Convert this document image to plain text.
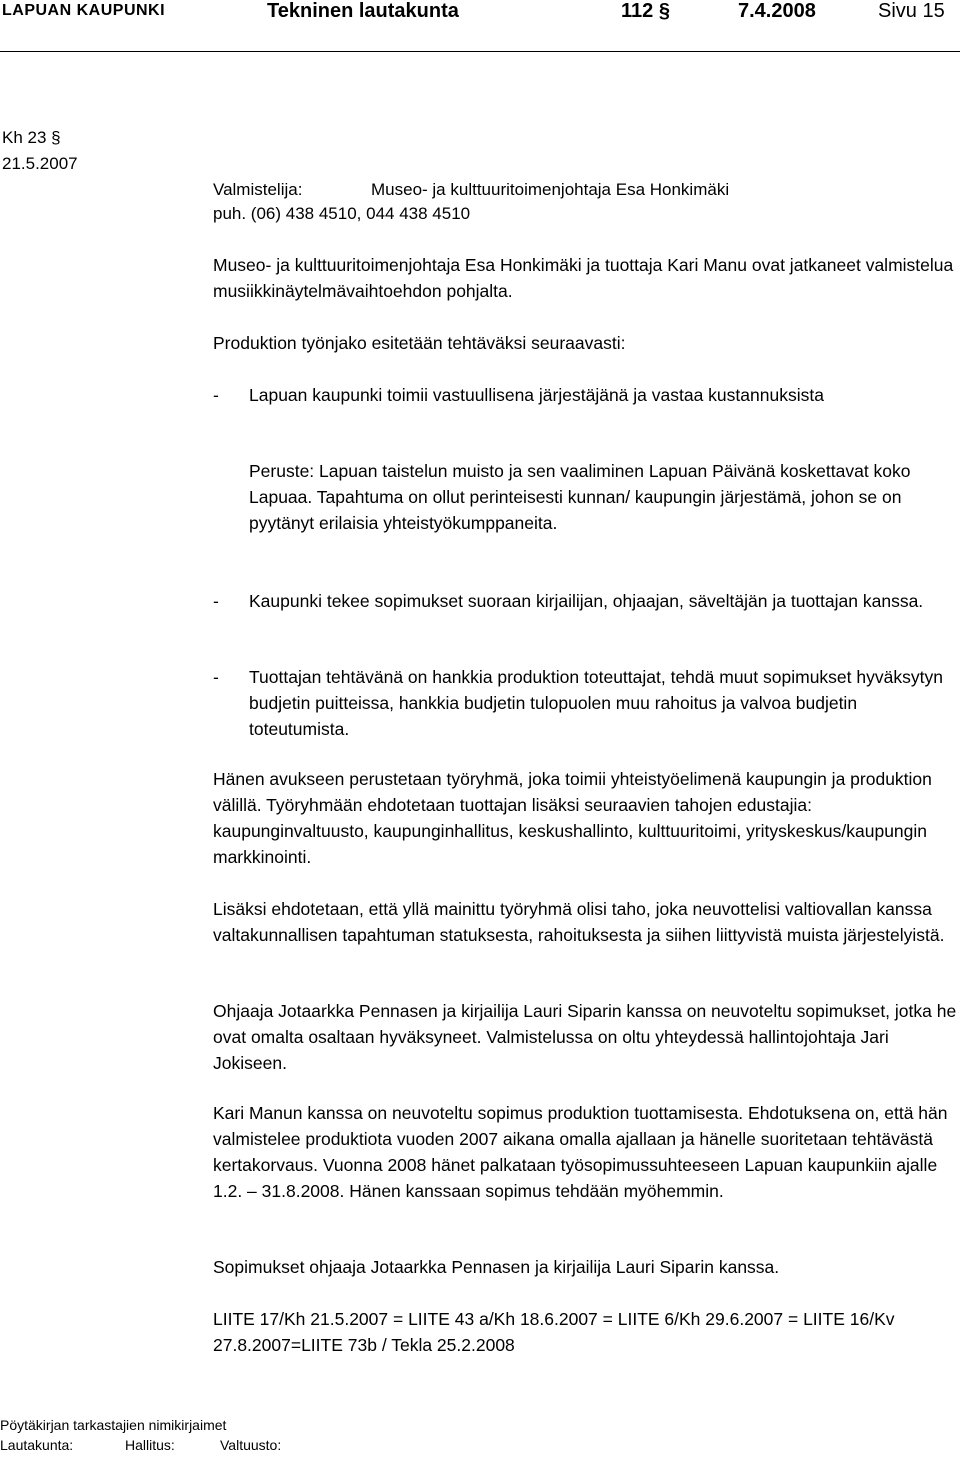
LAPUAN KAUPUNKI	Tekninen lautakunta	112 §	7.4.2008	Sivu 15
Kh 23 §
21.5.2007
Valmistelija:	Museo- ja kulttuuritoimenjohtaja Esa Honkimäki
puh. (06) 438 4510, 044 438 4510
Museo- ja kulttuuritoimenjohtaja Esa Honkimäki ja tuottaja Kari Manu ovat jatkaneet valmistelua musiikkinäytelmävaihtoehdon pohjalta.
Produktion työnjako esitetään tehtäväksi seuraavasti:
- Lapuan kaupunki toimii vastuullisena järjestäjänä ja vastaa kustannuksista
Peruste: Lapuan taistelun muisto ja sen vaaliminen Lapuan Päivänä koskettavat koko Lapuaa. Tapahtuma on ollut perinteisesti kunnan/ kaupungin järjestämä, johon se on pyytänyt erilaisia yhteistyökumppaneita.
- Kaupunki tekee sopimukset suoraan kirjailijan, ohjaajan, säveltäjän ja tuottajan kanssa.
- Tuottajan tehtävänä on hankkia produktion toteuttajat, tehdä muut sopimukset hyväksytyn budjetin puitteissa, hankkia budjetin tulopuolen muu rahoitus ja valvoa budjetin toteutumista.
Hänen avukseen perustetaan työryhmä, joka toimii yhteistyöelimenä kaupungin ja produktion välillä. Työryhmään ehdotetaan tuottajan lisäksi seuraavien tahojen edustajia: kaupunginvaltuusto, kaupunginhallitus, keskushallinto, kulttuuritoimi, yrityskeskus/kaupungin markkinointi.
Lisäksi ehdotetaan, että yllä mainittu työryhmä olisi taho, joka neuvottelisi valtiovallan kanssa valtakunnallisen tapahtuman statuksesta, rahoituksesta ja siihen liittyvistä muista järjestelyistä.
Ohjaaja Jotaarkka Pennasen ja kirjailija Lauri Siparin kanssa on neuvoteltu sopimukset, jotka he ovat omalta osaltaan hyväksyneet. Valmistelussa on oltu yhteydessä hallintojohtaja Jari Jokiseen.
Kari Manun kanssa on neuvoteltu sopimus produktion tuottamisesta. Ehdotuksena on, että hän valmistelee produktiota vuoden 2007 aikana omalla ajallaan ja hänelle suoritetaan tehtävästä kertakorvaus. Vuonna 2008 hänet palkataan työsopimussuhteeseen Lapuan kaupunkiin ajalle 1.2. – 31.8.2008. Hänen kanssaan sopimus tehdään myöhemmin.
Sopimukset ohjaaja Jotaarkka Pennasen ja kirjailija Lauri Siparin kanssa.
LIITE 17/Kh 21.5.2007 = LIITE 43 a/Kh 18.6.2007 = LIITE 6/Kh 29.6.2007 = LIITE 16/Kv 27.8.2007=LIITE 73b / Tekla 25.2.2008
Pöytäkirjan tarkastajien nimikirjaimet
Lautakunta:	Hallitus:	Valtuusto:
